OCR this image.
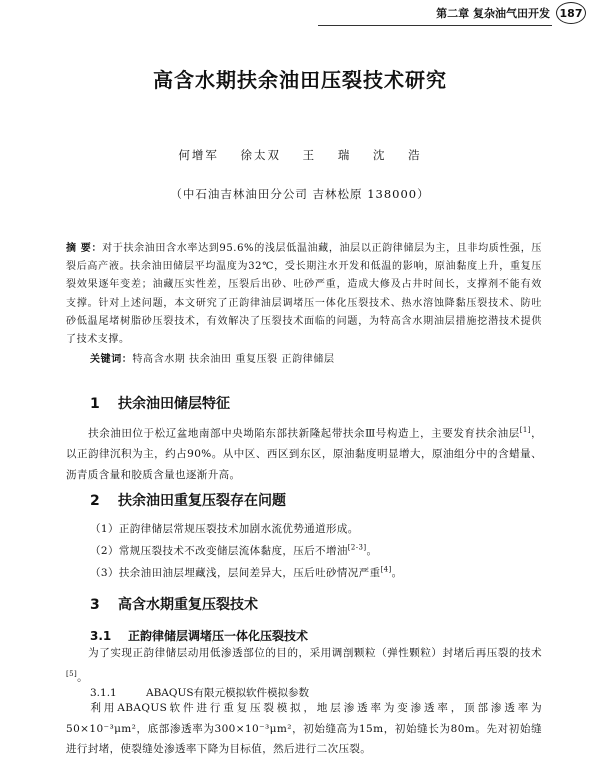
第二章 复杂油气田开发 187
高含水期扶余油田压裂技术研究
何增军 徐太双 王 瑞 沈 浩
（中石油吉林油田分公司 吉林松原 138000）
摘 要：对于扶余油田含水率达到95.6%的浅层低温油藏，油层以正韵律储层为主，且非均质性强，压裂后高产液。扶余油田储层平均温度为32℃，受长期注水开发和低温的影响，原油黏度上升，重复压裂效果逐年变差；油藏压实性差，压裂后出砂、吐砂严重，造成大修及占井时间长，支撑剂不能有效支撑。针对上述问题，本文研究了正韵律油层调堵压一体化压裂技术、热水溶蚀降黏压裂技术、防吐砂低温尾堵树脂砂压裂技术，有效解决了压裂技术面临的问题，为特高含水期油层措施挖潜技术提供了技术支撑。
关键词：特高含水期 扶余油田 重复压裂 正韵律储层
1 扶余油田储层特征
扶余油田位于松辽盆地南部中央坳陷东部扶新隆起带扶余Ⅲ号构造上，主要发育扶余油层[1]，以正韵律沉积为主，约占90%。从中区、西区到东区，原油黏度明显增大，原油组分中的含蜡量、沥青质含量和胶质含量也逐渐升高。
2 扶余油田重复压裂存在问题
（1）正韵律储层常规压裂技术加剧水流优势通道形成。
（2）常规压裂技术不改变储层流体黏度，压后不增油[2-3]。
（3）扶余油田油层埋藏浅，层间差异大，压后吐砂情况严重[4]。
3 高含水期重复压裂技术
3.1 正韵律储层调堵压一体化压裂技术
为了实现正韵律储层动用低渗透部位的目的，采用调剖颗粒（弹性颗粒）封堵后再压裂的技术[5]。
3.1.1	ABAQUS有限元模拟软件模拟参数
利用ABAQUS软件进行重复压裂模拟，地层渗透率为变渗透率，顶部渗透率为50×10⁻³μm²，底部渗透率为300×10⁻³μm²，初始缝高为15m，初始缝长为80m。先对初始缝进行封堵，使裂缝处渗透率下降为目标值，然后进行二次压裂。
